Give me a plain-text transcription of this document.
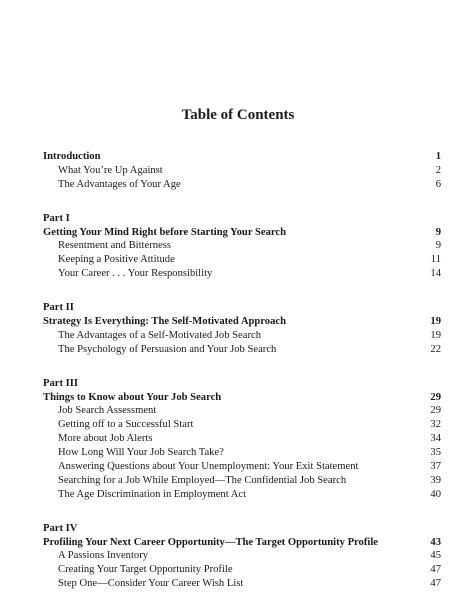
Table of Contents
Introduction	1
What You’re Up Against	2
The Advantages of Your Age	6
Part I
Getting Your Mind Right before Starting Your Search	9
Resentment and Bitterness	9
Keeping a Positive Attitude	11
Your Career . . . Your Responsibility	14
Part II
Strategy Is Everything: The Self-Motivated Approach	19
The Advantages of a Self-Motivated Job Search	19
The Psychology of Persuasion and Your Job Search	22
Part III
Things to Know about Your Job Search	29
Job Search Assessment	29
Getting off to a Successful Start	32
More about Job Alerts	34
How Long Will Your Job Search Take?	35
Answering Questions about Your Unemployment: Your Exit Statement	37
Searching for a Job While Employed—The Confidential Job Search	39
The Age Discrimination in Employment Act	40
Part IV
Profiling Your Next Career Opportunity—The Target Opportunity Profile	43
A Passions Inventory	45
Creating Your Target Opportunity Profile	47
Step One—Consider Your Career Wish List	47
